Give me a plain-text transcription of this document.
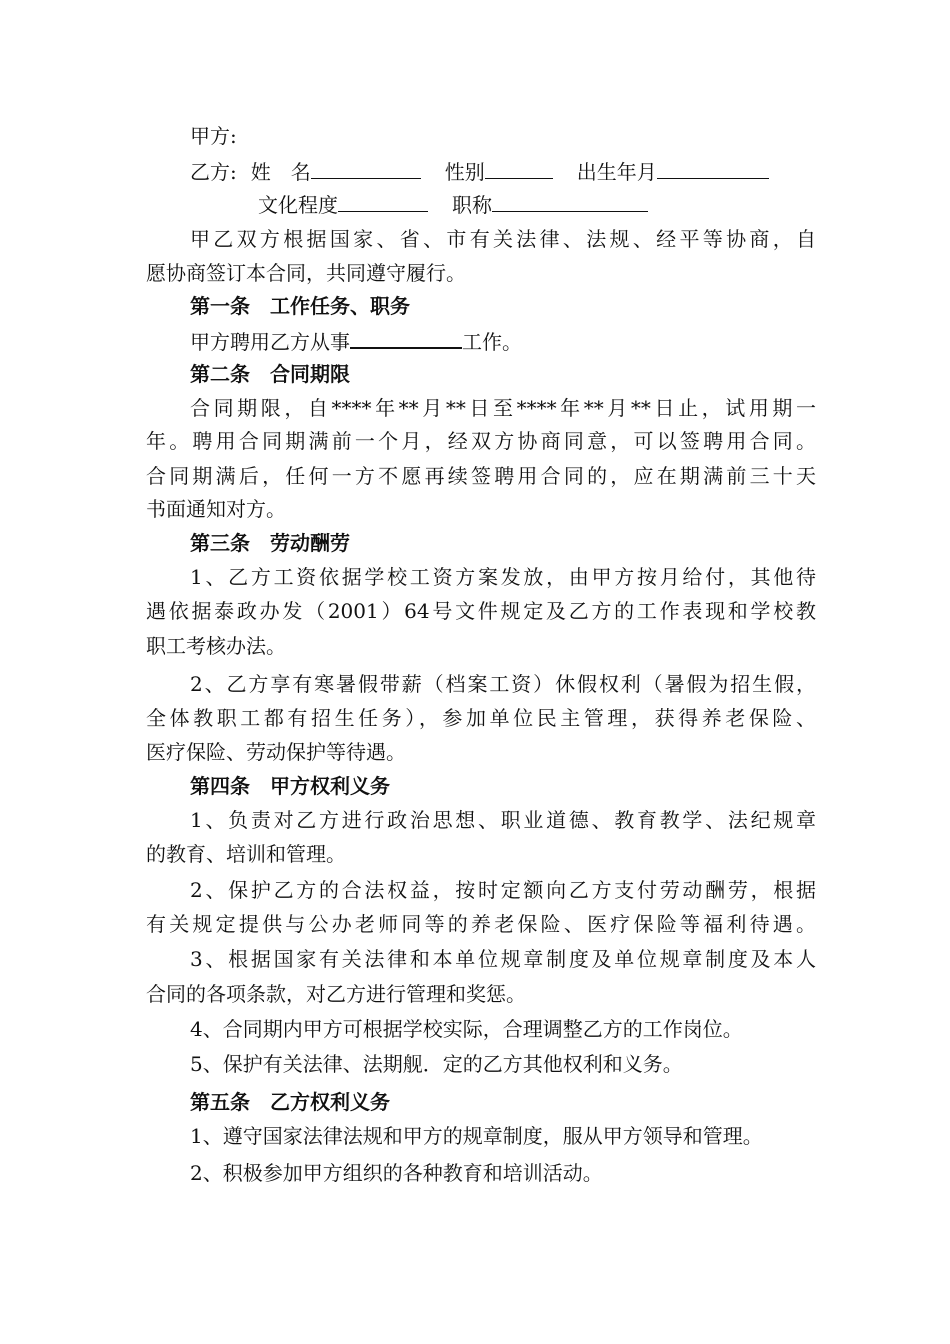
甲方:
乙方: 姓　名	性别	出生年月
文化程度	职称
甲乙双方根据国家、省、市有关法律、法规、经平等协商，自
愿协商签订本合同，共同遵守履行。
第一条　工作任务、职务
甲方聘用乙方从事	工作。
第二条　合同期限
合同期限，自****年**月**日至****年**月**日止，试用期一
年。聘用合同期满前一个月，经双方协商同意，可以签聘用合同。
合同期满后，任何一方不愿再续签聘用合同的，应在期满前三十天
书面通知对方。
第三条　劳动酬劳
1、乙方工资依据学校工资方案发放，由甲方按月给付，其他待
遇依据泰政办发（2001）64号文件规定及乙方的工作表现和学校教
职工考核办法。
2、乙方享有寒暑假带薪（档案工资）休假权利（暑假为招生假，
全体教职工都有招生任务），参加单位民主管理，获得养老保险、
医疗保险、劳动保护等待遇。
第四条　甲方权利义务
1、负责对乙方进行政治思想、职业道德、教育教学、法纪规章
的教育、培训和管理。
2、保护乙方的合法权益，按时定额向乙方支付劳动酬劳，根据
有关规定提供与公办老师同等的养老保险、医疗保险等福利待遇。
3、根据国家有关法律和本单位规章制度及单位规章制度及本人
合同的各项条款，对乙方进行管理和奖惩。
4、合同期内甲方可根据学校实际，合理调整乙方的工作岗位。
5、保护有关法律、法期舰．定的乙方其他权利和义务。
第五条　乙方权利义务
1、遵守国家法律法规和甲方的规章制度，服从甲方领导和管理。
2、积极参加甲方组织的各种教育和培训活动。
